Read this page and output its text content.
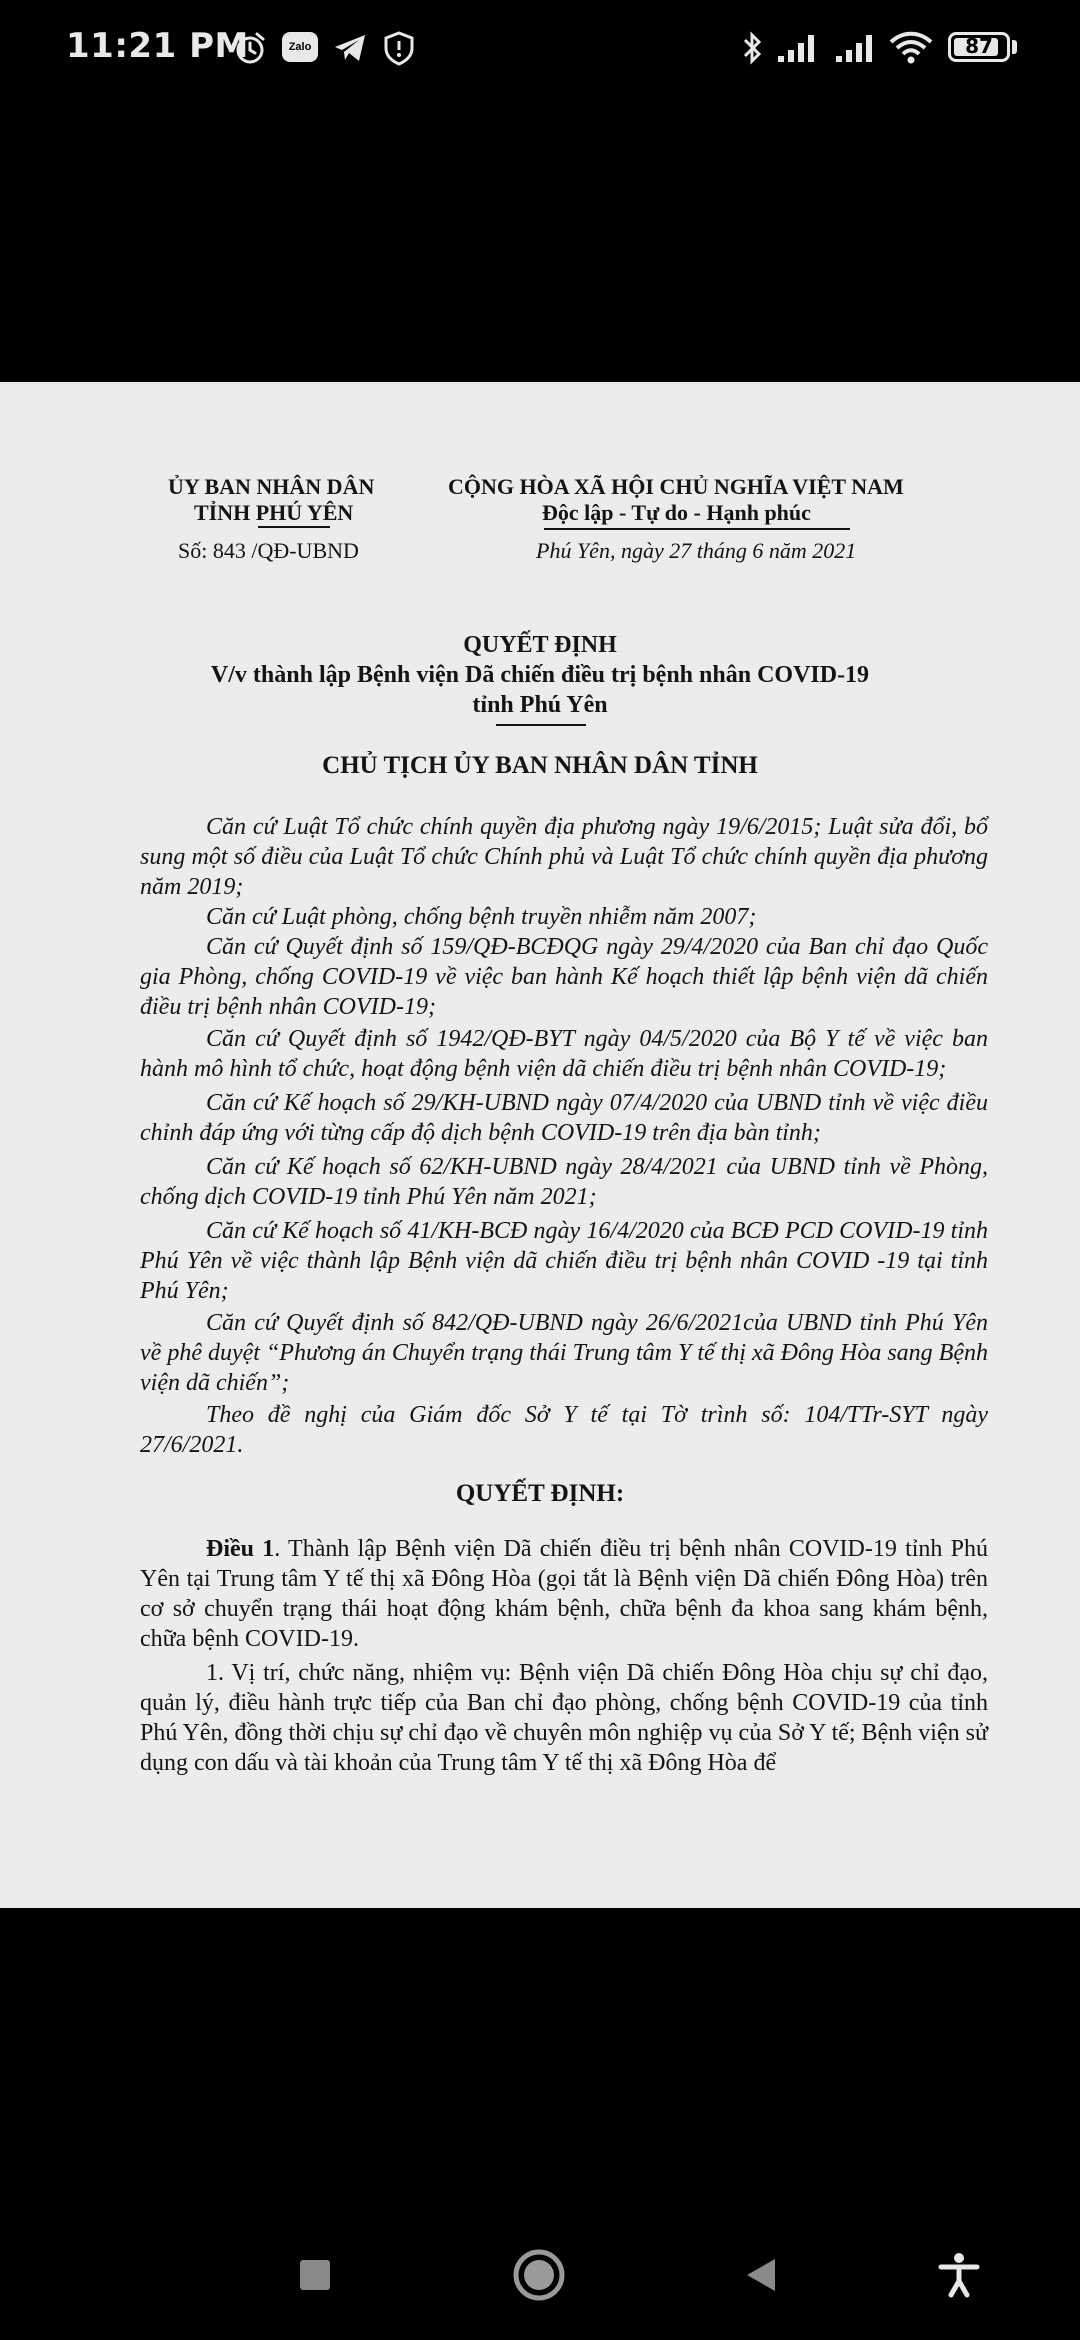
11:21 PM	Zalo	87
ỦY BAN NHÂN DÂN
TỈNH PHÚ YÊN
Số: 843 /QĐ-UBND
CỘNG HÒA XÃ HỘI CHỦ NGHĨA VIỆT NAM
Độc lập - Tự do - Hạnh phúc
Phú Yên, ngày 27 tháng 6 năm 2021
QUYẾT ĐỊNH
V/v thành lập Bệnh viện Dã chiến điều trị bệnh nhân COVID-19
tỉnh Phú Yên
CHỦ TỊCH ỦY BAN NHÂN DÂN TỈNH
Căn cứ Luật Tổ chức chính quyền địa phương ngày 19/6/2015; Luật sửa đổi, bổ sung một số điều của Luật Tổ chức Chính phủ và Luật Tổ chức chính quyền địa phương năm 2019;
Căn cứ Luật phòng, chống bệnh truyền nhiễm năm 2007;
Căn cứ Quyết định số 159/QĐ-BCĐQG ngày 29/4/2020 của Ban chỉ đạo Quốc gia Phòng, chống COVID-19 về việc ban hành Kế hoạch thiết lập bệnh viện dã chiến điều trị bệnh nhân COVID-19;
Căn cứ Quyết định số 1942/QĐ-BYT ngày 04/5/2020 của Bộ Y tế về việc ban hành mô hình tổ chức, hoạt động bệnh viện dã chiến điều trị bệnh nhân COVID-19;
Căn cứ Kế hoạch số 29/KH-UBND ngày 07/4/2020 của UBND tỉnh về việc điều chỉnh đáp ứng với từng cấp độ dịch bệnh COVID-19 trên địa bàn tỉnh;
Căn cứ Kế hoạch số 62/KH-UBND ngày 28/4/2021 của UBND tỉnh về Phòng, chống dịch COVID-19 tỉnh Phú Yên năm 2021;
Căn cứ Kế hoạch số 41/KH-BCĐ ngày 16/4/2020 của BCĐ PCD COVID-19 tỉnh Phú Yên về việc thành lập Bệnh viện dã chiến điều trị bệnh nhân COVID -19 tại tỉnh Phú Yên;
Căn cứ Quyết định số 842/QĐ-UBND ngày 26/6/2021của UBND tỉnh Phú Yên về phê duyệt “Phương án Chuyển trạng thái Trung tâm Y tế thị xã Đông Hòa sang Bệnh viện dã chiến”;
Theo đề nghị của Giám đốc Sở Y tế tại Tờ trình số: 104/TTr-SYT ngày 27/6/2021.
QUYẾT ĐỊNH:
Điều 1. Thành lập Bệnh viện Dã chiến điều trị bệnh nhân COVID-19 tỉnh Phú Yên tại Trung tâm Y tế thị xã Đông Hòa (gọi tắt là Bệnh viện Dã chiến Đông Hòa) trên cơ sở chuyển trạng thái hoạt động khám bệnh, chữa bệnh đa khoa sang khám bệnh, chữa bệnh COVID-19.
1. Vị trí, chức năng, nhiệm vụ: Bệnh viện Dã chiến Đông Hòa chịu sự chỉ đạo, quản lý, điều hành trực tiếp của Ban chỉ đạo phòng, chống bệnh COVID-19 của tỉnh Phú Yên, đồng thời chịu sự chỉ đạo về chuyên môn nghiệp vụ của Sở Y tế; Bệnh viện sử dụng con dấu và tài khoản của Trung tâm Y tế thị xã Đông Hòa để
